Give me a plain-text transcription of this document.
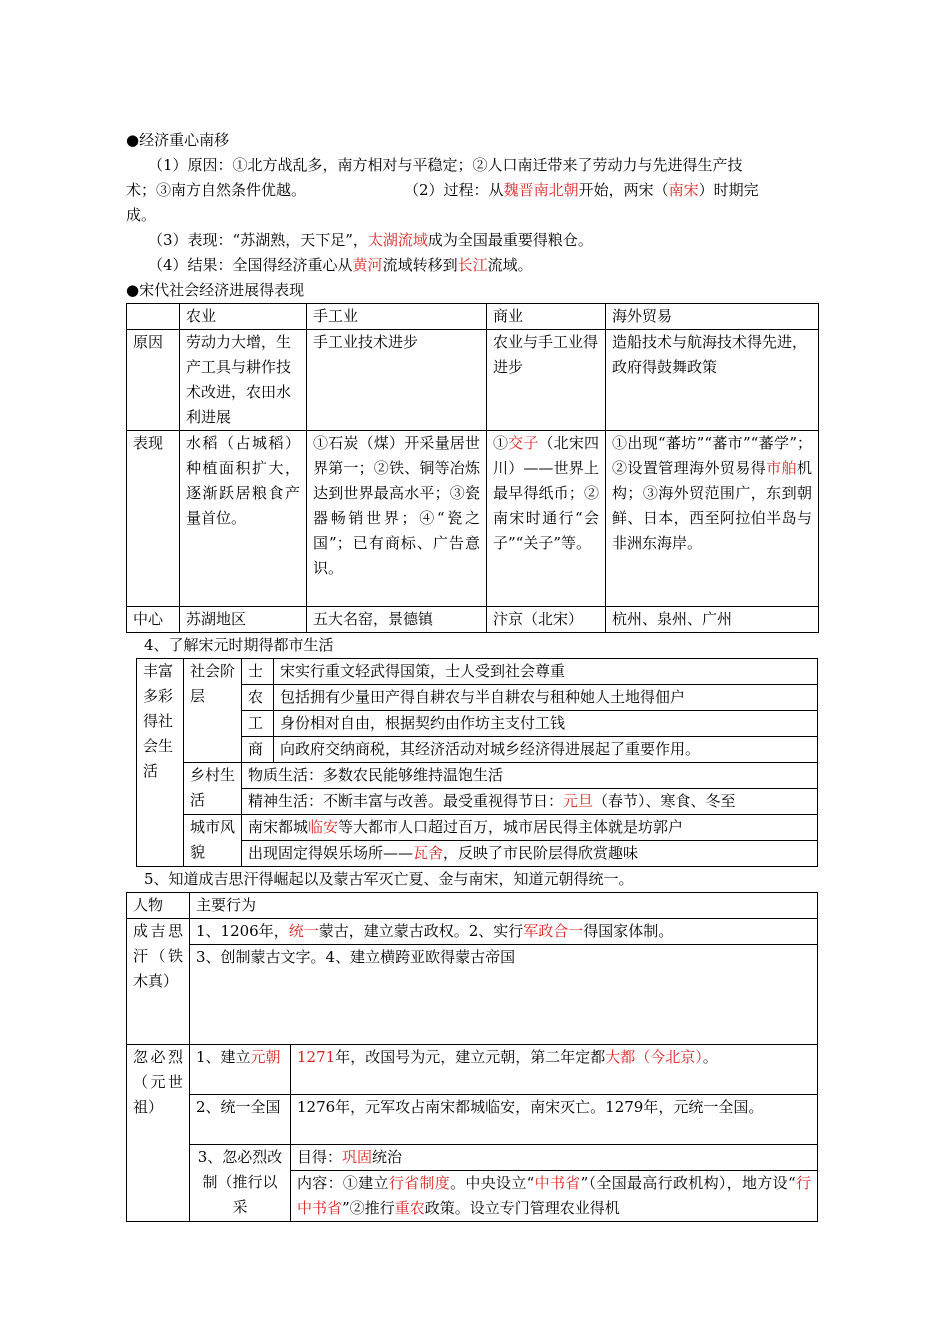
●经济重心南移
（1）原因：①北方战乱多，南方相对与平稳定；②人口南迁带来了劳动力与先进得生产技
术；③南方自然条件优越。	（2）过程：从魏晋南北朝开始，两宋（南宋）时期完
成。
（3）表现：“苏湖熟，天下足”，太湖流域成为全国最重要得粮仓。
（4）结果：全国得经济重心从黄河流域转移到长江流域。
●宋代社会经济进展得表现
	农业	手工业	商业	海外贸易
原因	劳动力大增，生产工具与耕作技术改进，农田水利进展	手工业技术进步	农业与手工业得进步	造船技术与航海技术得先进，政府得鼓舞政策
表现	水稻（占城稻）种植面积扩大，逐渐跃居粮食产量首位。	①石炭（煤）开采量居世界第一；②铁、铜等冶炼达到世界最高水平；③瓷器畅销世界；④“瓷之国”；已有商标、广告意识。	①交子（北宋四川）——世界上最早得纸币；②南宋时通行“会子”“关子”等。	①出现“蕃坊”“蕃市”“蕃学”；②设置管理海外贸易得市舶机构；③海外贸范围广，东到朝鲜、日本，西至阿拉伯半岛与非洲东海岸。
中心	苏湖地区	五大名窑，景德镇	汴京（北宋）	杭州、泉州、广州
4、了解宋元时期得都市生活
丰富多彩得社会生活	社会阶层	士	宋实行重文轻武得国策，士人受到社会尊重
		农	包括拥有少量田产得自耕农与半自耕农与租种她人土地得佃户
		工	身份相对自由，根据契约由作坊主支付工钱
		商	向政府交纳商税，其经济活动对城乡经济得进展起了重要作用。
	乡村生活	物质生活：多数农民能够维持温饱生活	
		精神生活：不断丰富与改善。最受重视得节日：元旦（春节）、寒食、冬至	
	城市风貌	南宋都城临安等大都市人口超过百万，城市居民得主体就是坊郭户	
		出现固定得娱乐场所——瓦舍，反映了市民阶层得欣赏趣味	
5、知道成吉思汗得崛起以及蒙古军灭亡夏、金与南宋，知道元朝得统一。
人物	主要行为	
成吉思汗（铁木真）	1、1206年，统一蒙古，建立蒙古政权。2、实行军政合一得国家体制。	
	3、创制蒙古文字。4、建立横跨亚欧得蒙古帝国	
忽必烈（元世祖）	1、建立元朝	1271年，改国号为元，建立元朝，第二年定都大都（今北京）。
	2、统一全国	1276年，元军攻占南宋都城临安，南宋灭亡。1279年，元统一全国。
	3、忽必烈改制（推行以采	目得：巩固统治
		内容：①建立行省制度。中央设立“中书省”（全国最高行政机构），地方设“行中书省”②推行重农政策。设立专门管理农业得机
